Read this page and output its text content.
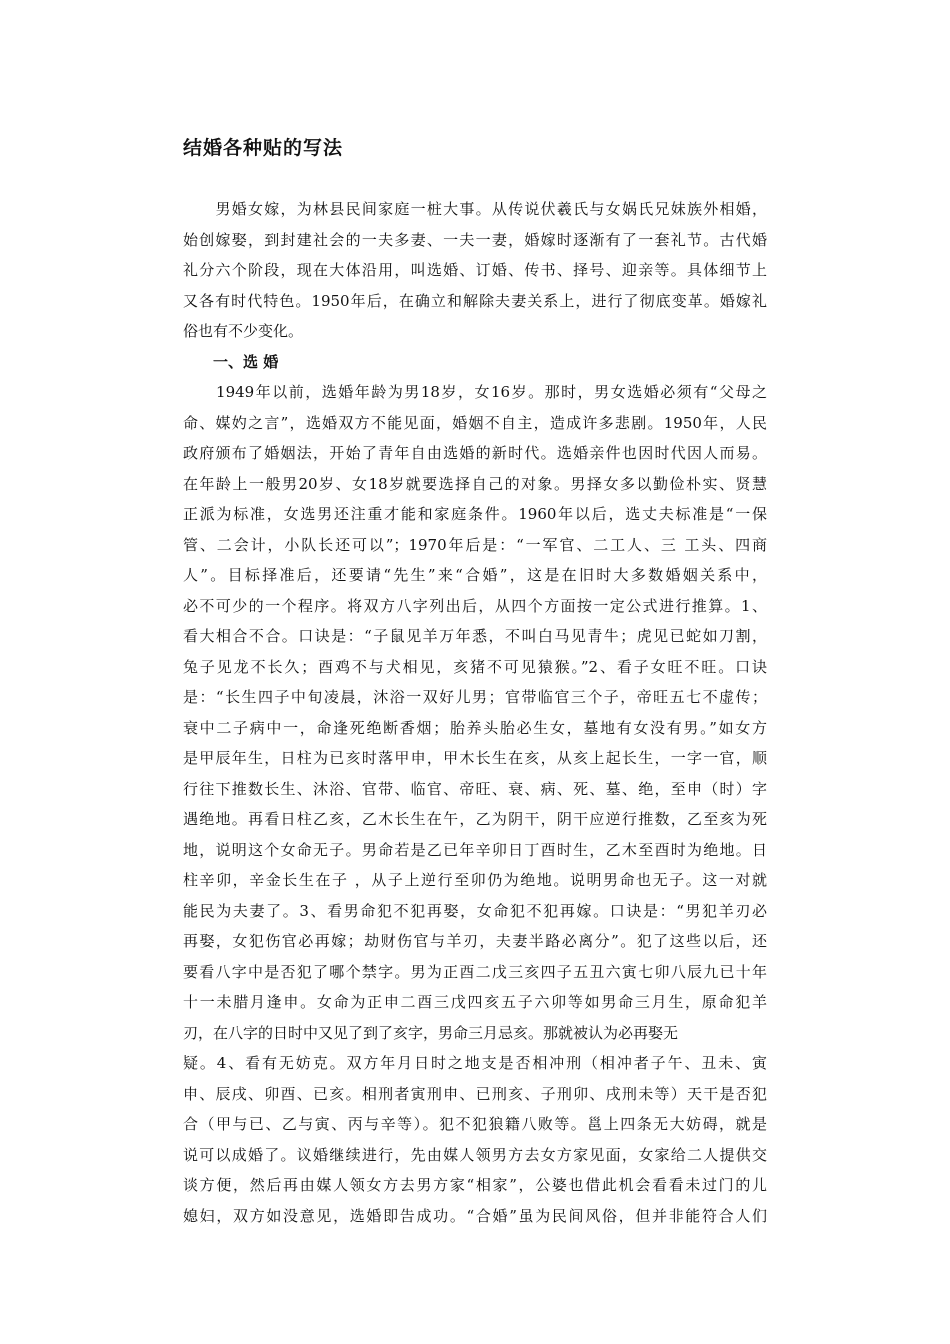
结婚各种贴的写法
　　男婚女嫁，为林县民间家庭一桩大事。从传说伏羲氏与女娲氏兄妹族外相婚，
始创嫁娶，到封建社会的一夫多妻、一夫一妻，婚嫁时逐渐有了一套礼节。古代婚
礼分六个阶段，现在大体沿用，叫选婚、订婚、传书、择号、迎亲等。具体细节上
又各有时代特色。1950年后，在确立和解除夫妻关系上，进行了彻底变革。婚嫁礼
俗也有不少变化。
　　一、选 婚
　　1949年以前，选婚年龄为男18岁，女16岁。那时，男女选婚必须有“父母之
命、媒妁之言”，选婚双方不能见面，婚姻不自主，造成许多悲剧。1950年，人民
政府颁布了婚姻法，开始了青年自由选婚的新时代。选婚亲件也因时代因人而易。
在年龄上一般男20岁、女18岁就要选择自己的对象。男择女多以勤俭朴实、贤慧
正派为标准，女选男还注重才能和家庭条件。1960年以后，选丈夫标准是“一保
管、二会计，小队长还可以”；1970年后是：“一军官、二工人、三 工头、四商
人”。目标择准后，还要请“先生”来“合婚”，这是在旧时大多数婚姻关系中，
必不可少的一个程序。将双方八字列出后，从四个方面按一定公式进行推算。1、
看大相合不合。口诀是：“子鼠见羊万年悉，不叫白马见青牛；虎见已蛇如刀割，
兔子见龙不长久；酉鸡不与犬相见，亥猪不可见猿猴。”2、看子女旺不旺。口诀
是：“长生四子中旬凌晨，沐浴一双好儿男；官带临官三个子，帝旺五七不虚传；
衰中二子病中一，命逢死绝断香烟；胎养头胎必生女，墓地有女没有男。”如女方
是甲辰年生，日柱为已亥时落甲申，甲木长生在亥，从亥上起长生，一字一官，顺
行往下推数长生、沐浴、官带、临官、帝旺、衰、病、死、墓、绝，至申（时）字
遇绝地。再看日柱乙亥，乙木长生在午，乙为阴干，阴干应逆行推数，乙至亥为死
地，说明这个女命无子。男命若是乙已年辛卯日丁酉时生，乙木至酉时为绝地。日
柱辛卯，辛金长生在子 ，从子上逆行至卯仍为绝地。说明男命也无子。这一对就
能民为夫妻了。3、看男命犯不犯再娶，女命犯不犯再嫁。口诀是：“男犯羊刃必
再娶，女犯伤官必再嫁；劫财伤官与羊刃，夫妻半路必离分”。犯了这些以后，还
要看八字中是否犯了哪个禁字。男为正酉二戊三亥四子五丑六寅七卯八辰九已十年
十一未腊月逢申。女命为正申二酉三戊四亥五子六卯等如男命三月生，原命犯羊
刃，在八字的日时中又见了到了亥字，男命三月忌亥。那就被认为必再娶无
疑。4、看有无妨克。双方年月日时之地支是否相冲刑（相冲者子午、丑未、寅
申、辰戌、卯酉、已亥。相刑者寅刑申、已刑亥、子刑卯、戌刑未等）天干是否犯
合（甲与已、乙与寅、丙与辛等）。犯不犯狼籍八败等。邕上四条无大妨碍，就是
说可以成婚了。议婚继续进行，先由媒人领男方去女方家见面，女家给二人提供交
谈方便，然后再由媒人领女方去男方家“相家”，公婆也借此机会看看未过门的儿
媳妇，双方如没意见，选婚即告成功。“合婚”虽为民间风俗，但并非能符合人们
